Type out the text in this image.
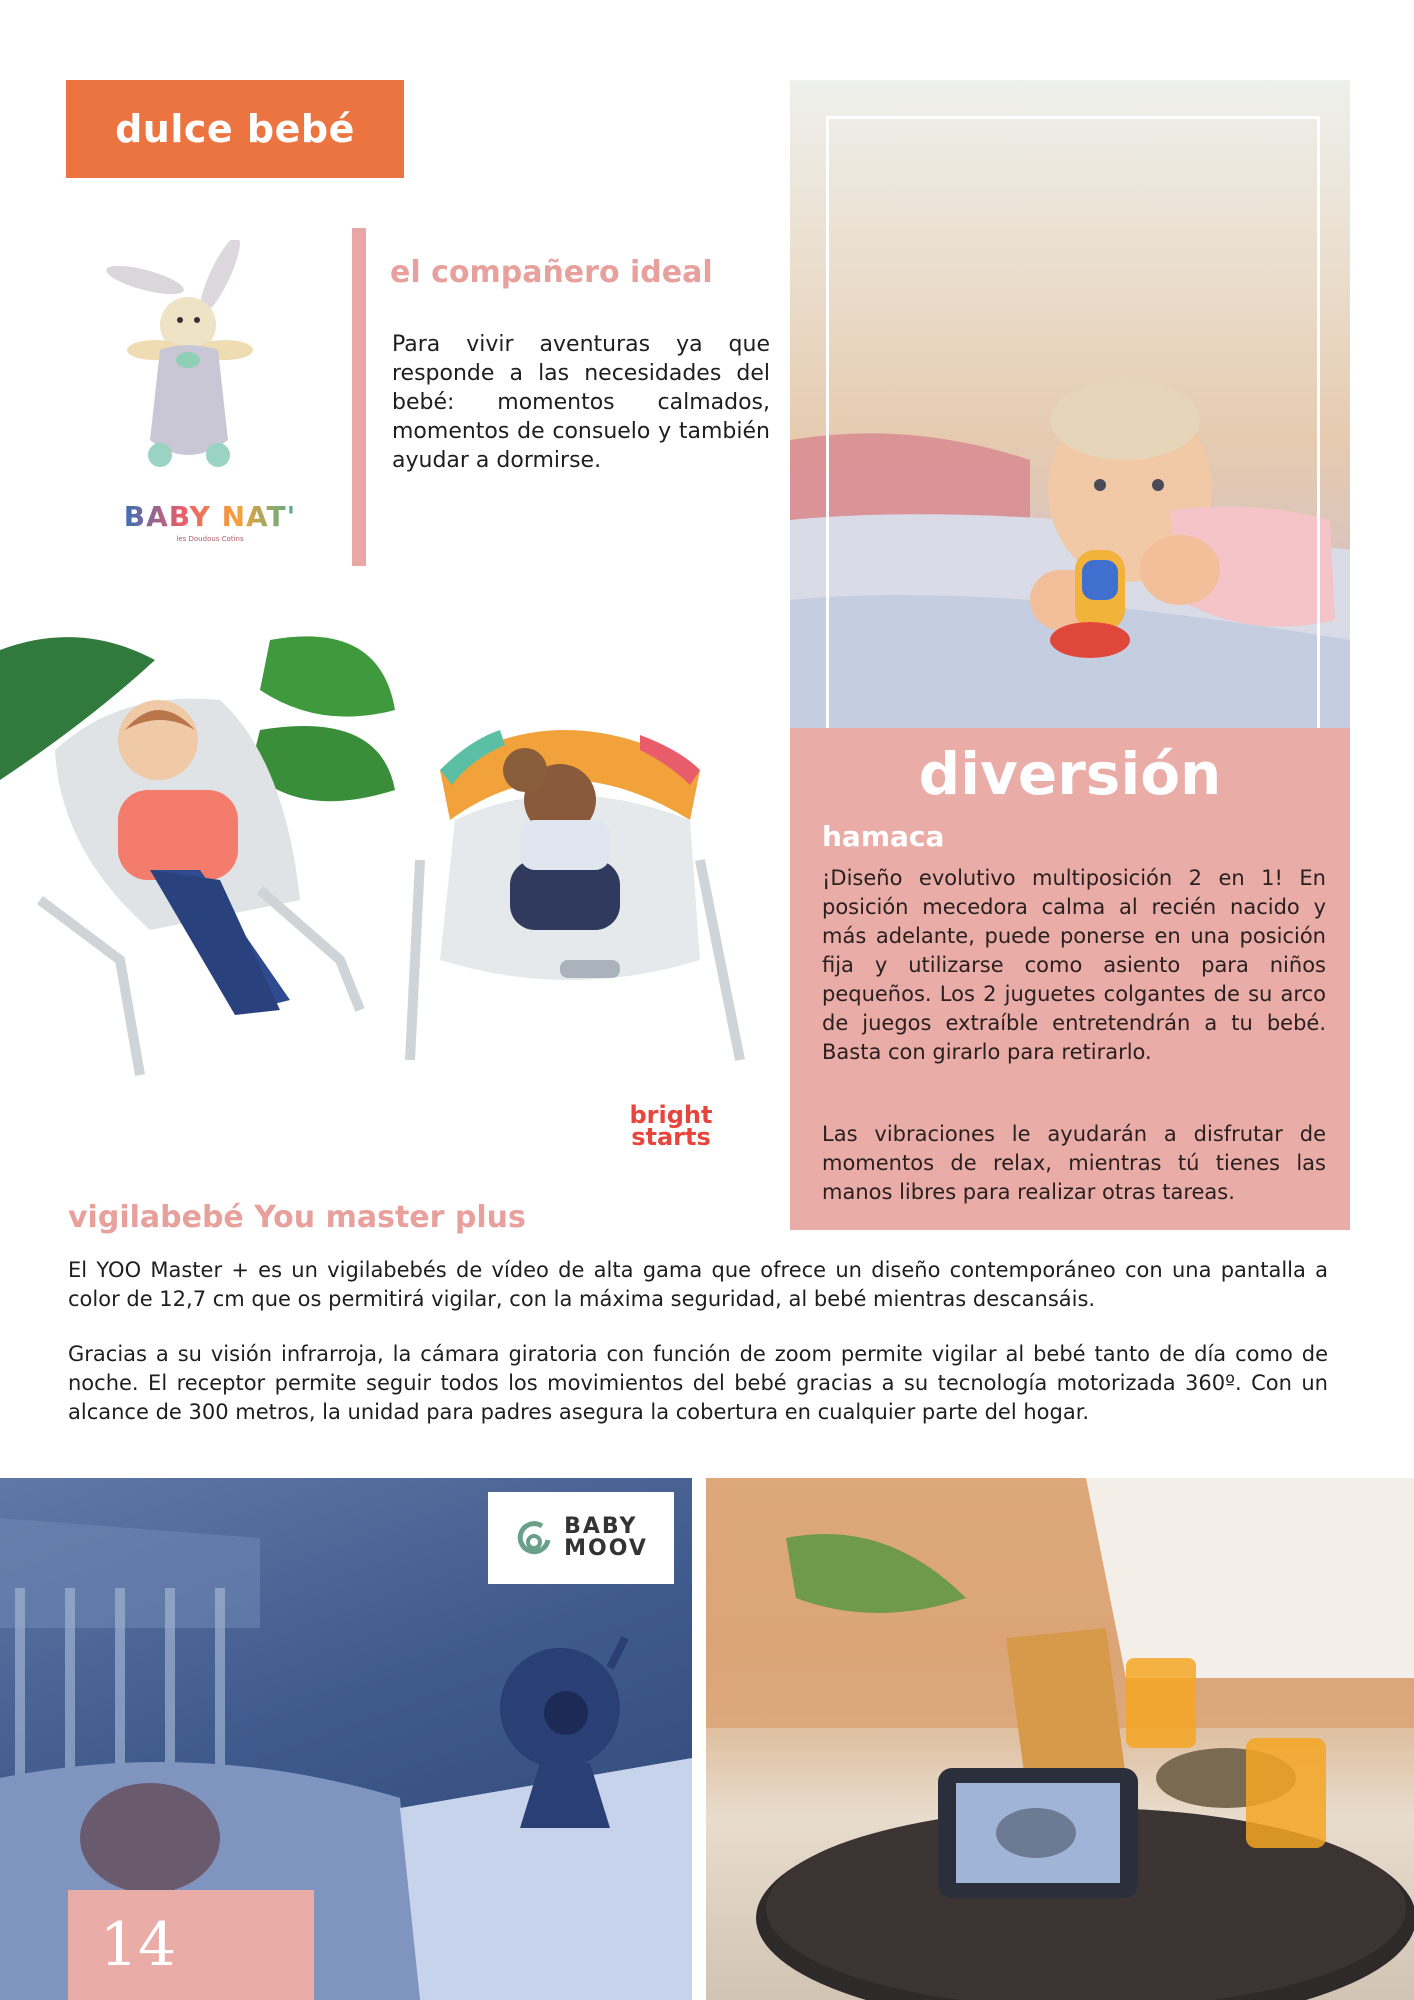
dulce bebé
BABY NAT'
les Doudous Cotins
el compañero ideal
Para vivir aventuras ya que responde a las necesidades del bebé: momentos calmados, momentos de consuelo y también ayudar a dormirse.
diversión
hamaca
¡Diseño evolutivo multiposición 2 en 1! En posición mecedora calma al recién nacido y más adelante, puede ponerse en una posición fija y utilizarse como asiento para niños pequeños. Los 2 juguetes colgantes de su arco de juegos extraíble entretendrán a tu bebé. Basta con girarlo para retirarlo.
Las vibraciones le ayudarán a disfrutar de momentos de relax, mientras tú tienes las manos libres para realizar otras tareas.
bright
starts
vigilabebé You master plus
El YOO Master + es un vigilabebés de vídeo de alta gama que ofrece un diseño contemporáneo con una pantalla a color de 12,7 cm que os permitirá vigilar, con la máxima seguridad, al bebé mientras descansáis.
Gracias a su visión infrarroja, la cámara giratoria con función de zoom permite vigilar al bebé tanto de día como de noche. El receptor permite seguir todos los movimientos del bebé gracias a su tecnología motorizada 360º. Con un alcance de 300 metros, la unidad para padres asegura la cobertura en cualquier parte del hogar.
BABY
MOOV
14
